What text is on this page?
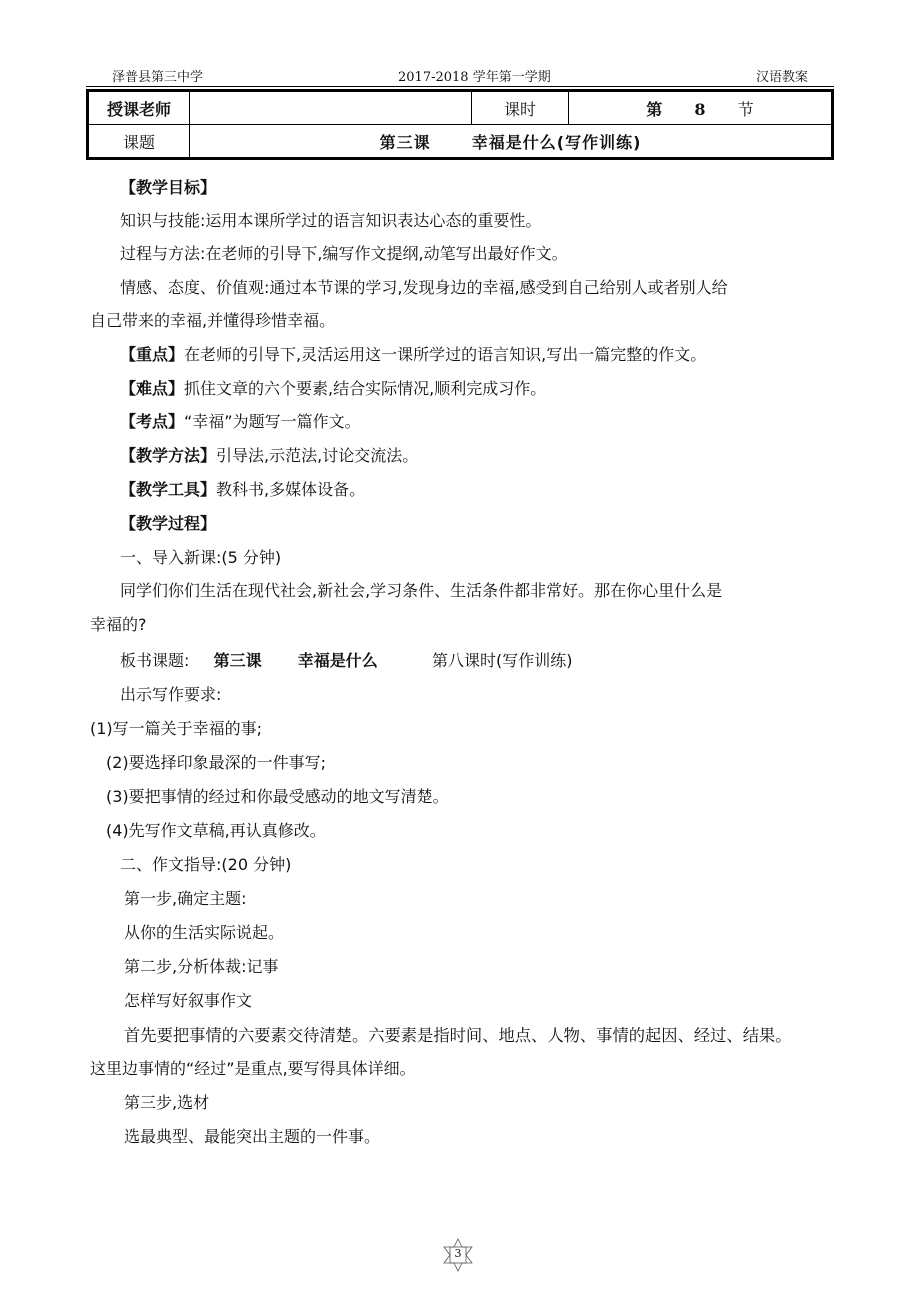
泽普县第三中学	2017-2018 学年第一学期	汉语教案
授课老师		课时	第 8 节
课题	第三课 幸福是什么(写作训练)		
【教学目标】
知识与技能:运用本课所学过的语言知识表达心态的重要性。
过程与方法:在老师的引导下,编写作文提纲,动笔写出最好作文。
情感、态度、价值观:通过本节课的学习,发现身边的幸福,感受到自己给别人或者别人给
自己带来的幸福,并懂得珍惜幸福。
【重点】在老师的引导下,灵活运用这一课所学过的语言知识,写出一篇完整的作文。
【难点】抓住文章的六个要素,结合实际情况,顺利完成习作。
【考点】“幸福”为题写一篇作文。
【教学方法】引导法,示范法,讨论交流法。
【教学工具】教科书,多媒体设备。
【教学过程】
一、导入新课:(5 分钟)
同学们你们生活在现代社会,新社会,学习条件、生活条件都非常好。那在你心里什么是
幸福的?
板书课题: 第三课 幸福是什么	第八课时(写作训练)
出示写作要求:
(1)写一篇关于幸福的事;
(2)要选择印象最深的一件事写;
(3)要把事情的经过和你最受感动的地文写清楚。
(4)先写作文草稿,再认真修改。
二、作文指导:(20 分钟)
第一步,确定主题:
从你的生活实际说起。
第二步,分析体裁:记事
怎样写好叙事作文
首先要把事情的六要素交待清楚。六要素是指时间、地点、人物、事情的起因、经过、结果。
这里边事情的“经过”是重点,要写得具体详细。
第三步,选材
选最典型、最能突出主题的一件事。
3
